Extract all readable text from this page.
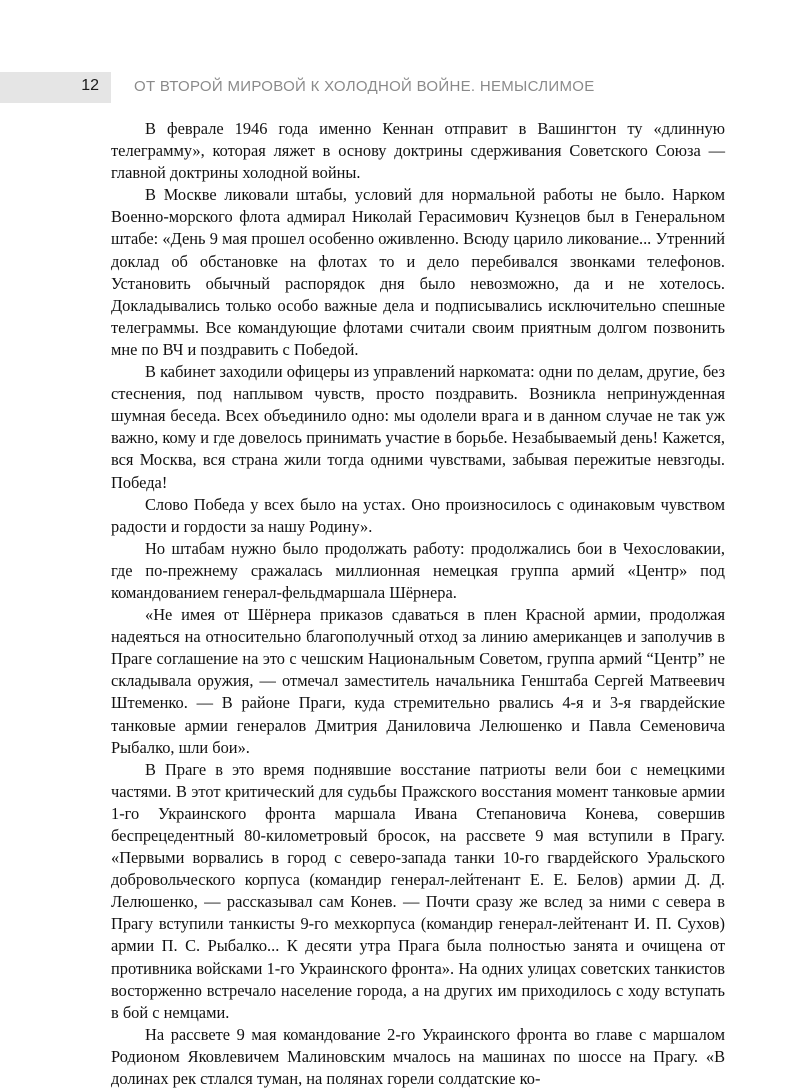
12 ОТ ВТОРОЙ МИРОВОЙ К ХОЛОДНОЙ ВОЙНЕ. НЕМЫСЛИМОЕ

В феврале 1946 года именно Кеннан отправит в Вашингтон ту «длинную телеграмму», которая ляжет в основу доктрины сдерживания Советского Союза — главной доктрины холодной войны.

В Москве ликовали штабы, условий для нормальной работы не было. Нарком Военно-морского флота адмирал Николай Герасимович Кузнецов был в Генеральном штабе: «День 9 мая прошел особенно оживленно. Всюду царило ликование... Утренний доклад об обстановке на флотах то и дело перебивался звонками телефонов. Установить обычный распорядок дня было невозможно, да и не хотелось. Докладывались только особо важные дела и подписывались исключительно спешные телеграммы. Все командующие флотами считали своим приятным долгом позвонить мне по ВЧ и поздравить с Победой.

В кабинет заходили офицеры из управлений наркомата: одни по делам, другие, без стеснения, под наплывом чувств, просто поздравить. Возникла непринужденная шумная беседа. Всех объединило одно: мы одолели врага и в данном случае не так уж важно, кому и где довелось принимать участие в борьбе. Незабываемый день! Кажется, вся Москва, вся страна жили тогда одними чувствами, забывая пережитые невзгоды. Победа!

Слово Победа у всех было на устах. Оно произносилось с одинаковым чувством радости и гордости за нашу Родину».

Но штабам нужно было продолжать работу: продолжались бои в Чехословакии, где по-прежнему сражалась миллионная немецкая группа армий «Центр» под командованием генерал-фельдмаршала Шёрнера.

«Не имея от Шёрнера приказов сдаваться в плен Красной армии, продолжая надеяться на относительно благополучный отход за линию американцев и заполучив в Праге соглашение на это с чешским Национальным Советом, группа армий “Центр” не складывала оружия, — отмечал заместитель начальника Генштаба Сергей Матвеевич Штеменко. — В районе Праги, куда стремительно рвались 4-я и 3-я гвардейские танковые армии генералов Дмитрия Даниловича Лелюшенко и Павла Семеновича Рыбалко, шли бои».

В Праге в это время поднявшие восстание патриоты вели бои с немецкими частями. В этот критический для судьбы Пражского восстания момент танковые армии 1-го Украинского фронта маршала Ивана Степановича Конева, совершив беспрецедентный 80-километровый бросок, на рассвете 9 мая вступили в Прагу. «Первыми ворвались в город с северо-запада танки 10-го гвардейского Уральского добровольческого корпуса (командир генерал-лейтенант Е. Е. Белов) армии Д. Д. Лелюшенко, — рассказывал сам Конев. — Почти сразу же вслед за ними с севера в Прагу вступили танкисты 9-го мехкорпуса (командир генерал-лейтенант И. П. Сухов) армии П. С. Рыбалко... К десяти утра Прага была полностью занята и очищена от противника войсками 1-го Украинского фронта». На одних улицах советских танкистов восторженно встречало население города, а на других им приходилось с ходу вступать в бой с немцами.

На рассвете 9 мая командование 2-го Украинского фронта во главе с маршалом Родионом Яковлевичем Малиновским мчалось на машинах по шоссе на Прагу. «В долинах рек стлался туман, на полянах горели солдатские ко-
